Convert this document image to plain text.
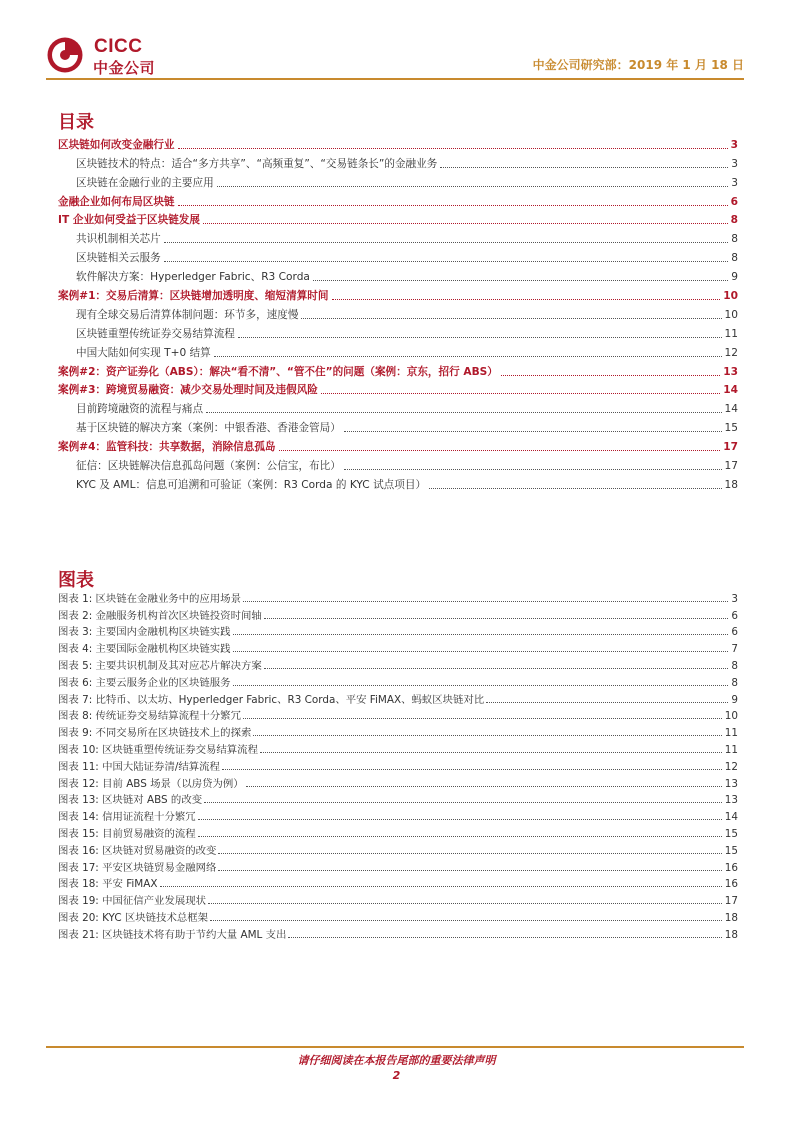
CICC
中金公司	中金公司研究部：2019 年 1 月 18 日
目录
区块链如何改变金融行业	3
区块链技术的特点：适合“多方共享”、“高频重复”、“交易链条长”的金融业务	3
区块链在金融行业的主要应用	3
金融企业如何布局区块链	6
IT 企业如何受益于区块链发展	8
共识机制相关芯片	8
区块链相关云服务	8
软件解决方案：Hyperledger Fabric、R3 Corda	9
案例#1：交易后清算：区块链增加透明度、缩短清算时间	10
现有全球交易后清算体制问题：环节多，速度慢	10
区块链重塑传统证券交易结算流程	11
中国大陆如何实现 T+0 结算	12
案例#2：资产证券化（ABS）：解决“看不清”、“管不住”的问题（案例：京东，招行 ABS）	13
案例#3：跨境贸易融资：减少交易处理时间及违假风险	14
目前跨境融资的流程与痛点	14
基于区块链的解决方案（案例：中银香港、香港金管局）	15
案例#4：监管科技：共享数据，消除信息孤岛	17
征信：区块链解决信息孤岛问题（案例：公信宝，布比）	17
KYC 及 AML：信息可追溯和可验证（案例：R3 Corda 的 KYC 试点项目）	18
图表
图表 1: 区块链在金融业务中的应用场景	3
图表 2: 金融服务机构首次区块链投资时间轴	6
图表 3: 主要国内金融机构区块链实践	6
图表 4: 主要国际金融机构区块链实践	7
图表 5: 主要共识机制及其对应芯片解决方案	8
图表 6: 主要云服务企业的区块链服务	8
图表 7: 比特币、以太坊、Hyperledger Fabric、R3 Corda、平安 FiMAX、蚂蚁区块链对比	9
图表 8: 传统证券交易结算流程十分繁冗	10
图表 9: 不同交易所在区块链技术上的探索	11
图表 10: 区块链重塑传统证券交易结算流程	11
图表 11: 中国大陆证券清/结算流程	12
图表 12: 目前 ABS 场景（以房贷为例）	13
图表 13: 区块链对 ABS 的改变	13
图表 14: 信用证流程十分繁冗	14
图表 15: 目前贸易融资的流程	15
图表 16: 区块链对贸易融资的改变	15
图表 17: 平安区块链贸易金融网络	16
图表 18: 平安 FiMAX	16
图表 19: 中国征信产业发展现状	17
图表 20: KYC 区块链技术总框架	18
图表 21: 区块链技术将有助于节约大量 AML 支出	18
请仔细阅读在本报告尾部的重要法律声明
2
